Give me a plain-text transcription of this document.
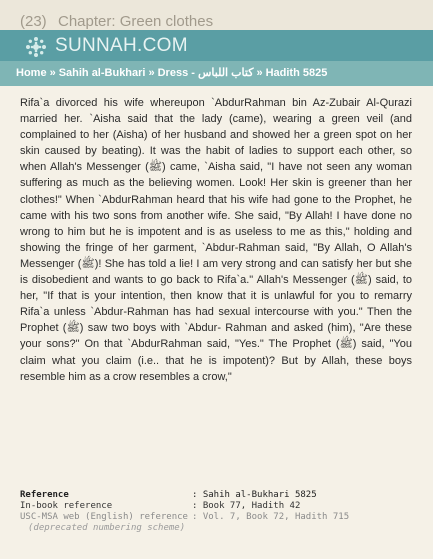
(23) Chapter: Green clothes
SUNNAH.COM
Home » Sahih al-Bukhari » Dress - كتاب اللباس » Hadith 5825
Rifa`a divorced his wife whereupon `AbdurRahman bin Az-Zubair Al-Qurazi married her. `Aisha said that the lady (came), wearing a green veil (and complained to her (Aisha) of her husband and showed her a green spot on her skin caused by beating). It was the habit of ladies to support each other, so when Allah's Messenger (ﷺ) came, `Aisha said, "I have not seen any woman suffering as much as the believing women. Look! Her skin is greener than her clothes!" When `AbdurRahman heard that his wife had gone to the Prophet, he came with his two sons from another wife. She said, "By Allah! I have done no wrong to him but he is impotent and is as useless to me as this," holding and showing the fringe of her garment, `Abdur-Rahman said, "By Allah, O Allah's Messenger (ﷺ)! She has told a lie! I am very strong and can satisfy her but she is disobedient and wants to go back to Rifa`a." Allah's Messenger (ﷺ) said, to her, "If that is your intention, then know that it is unlawful for you to remarry Rifa`a unless `Abdur-Rahman has had sexual intercourse with you." Then the Prophet (ﷺ) saw two boys with `Abdur- Rahman and asked (him), "Are these your sons?" On that `AbdurRahman said, "Yes." The Prophet (ﷺ) said, "You claim what you claim (i.e.. that he is impotent)? But by Allah, these boys resemble him as a crow resembles a crow,"
Reference	: Sahih al-Bukhari 5825
In-book reference	: Book 77, Hadith 42
USC-MSA web (English) reference : Vol. 7, Book 72, Hadith 715
(deprecated numbering scheme)
